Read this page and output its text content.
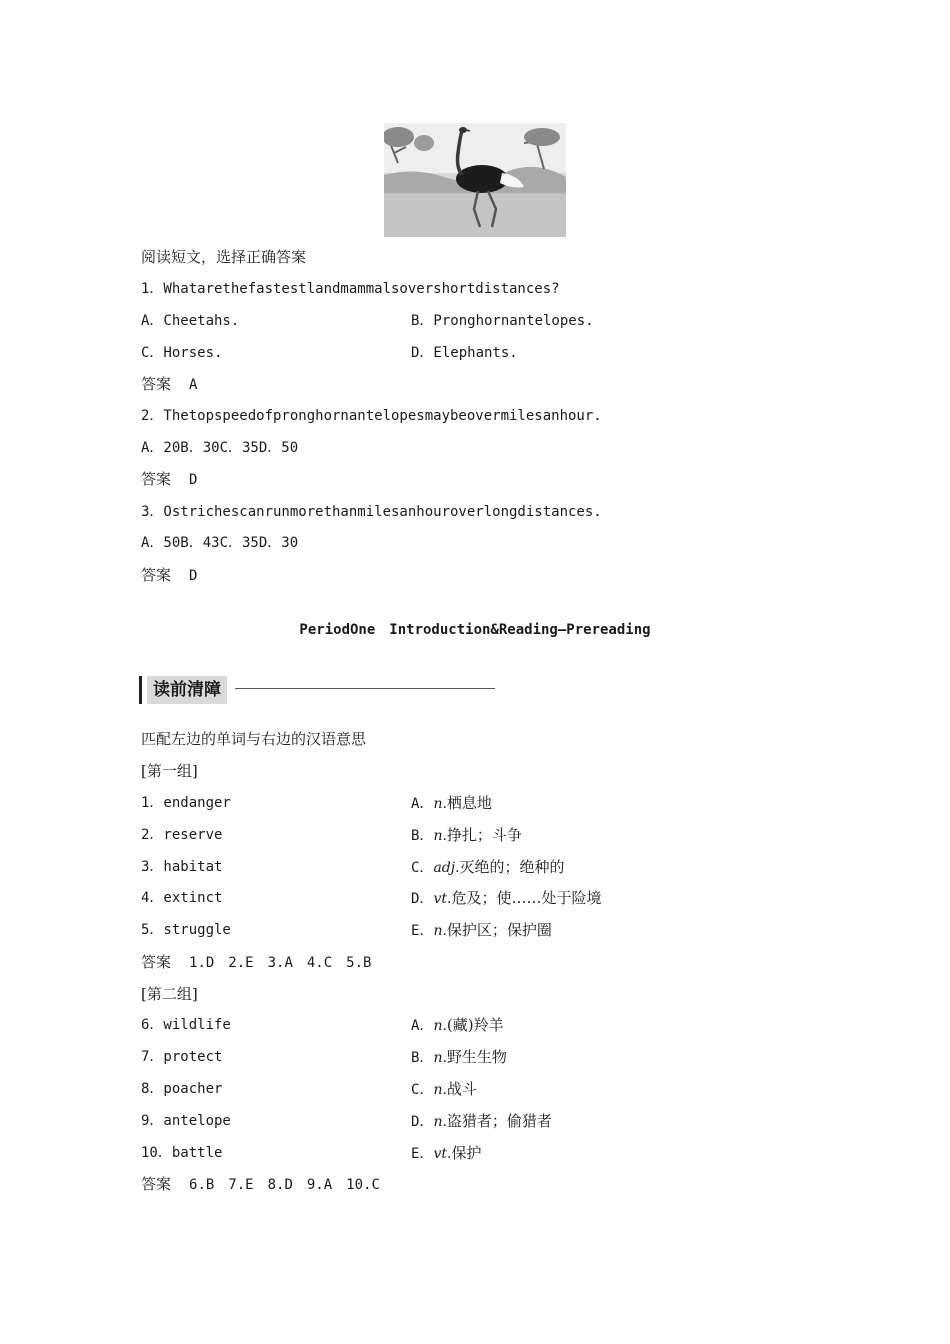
阅读短文，选择正确答案
1．Whatarethefastestlandmammalsovershortdistances?
A．Cheetahs.	B．Pronghornantelopes.
C．Horses.	D．Elephants.
答案 A
2．Thetopspeedofpronghornantelopesmaybeovermilesanhour.
A．20B．30C．35D．50
答案 D
3．Ostrichescanrunmorethanmilesanhouroverlongdistances.
A．50B．43C．35D．30
答案 D
PeriodOne　Introduction&Reading—Prereading
读前清障
匹配左边的单词与右边的汉语意思
[第一组]
1．endanger	A．n.栖息地
2．reserve	B．n.挣扎；斗争
3．habitat	C．adj.灭绝的；绝种的
4．extinct	D．vt.危及；使……处于险境
5．struggle	E．n.保护区；保护圈
答案 1.D　2.E　3.A　4.C　5.B
[第二组]
6．wildlife	A．n.(藏)羚羊
7．protect	B．n.野生生物
8．poacher	C．n.战斗
9．antelope	D．n.盗猎者；偷猎者
10．battle	E．vt.保护
答案 6.B　7.E　8.D　9.A　10.C
